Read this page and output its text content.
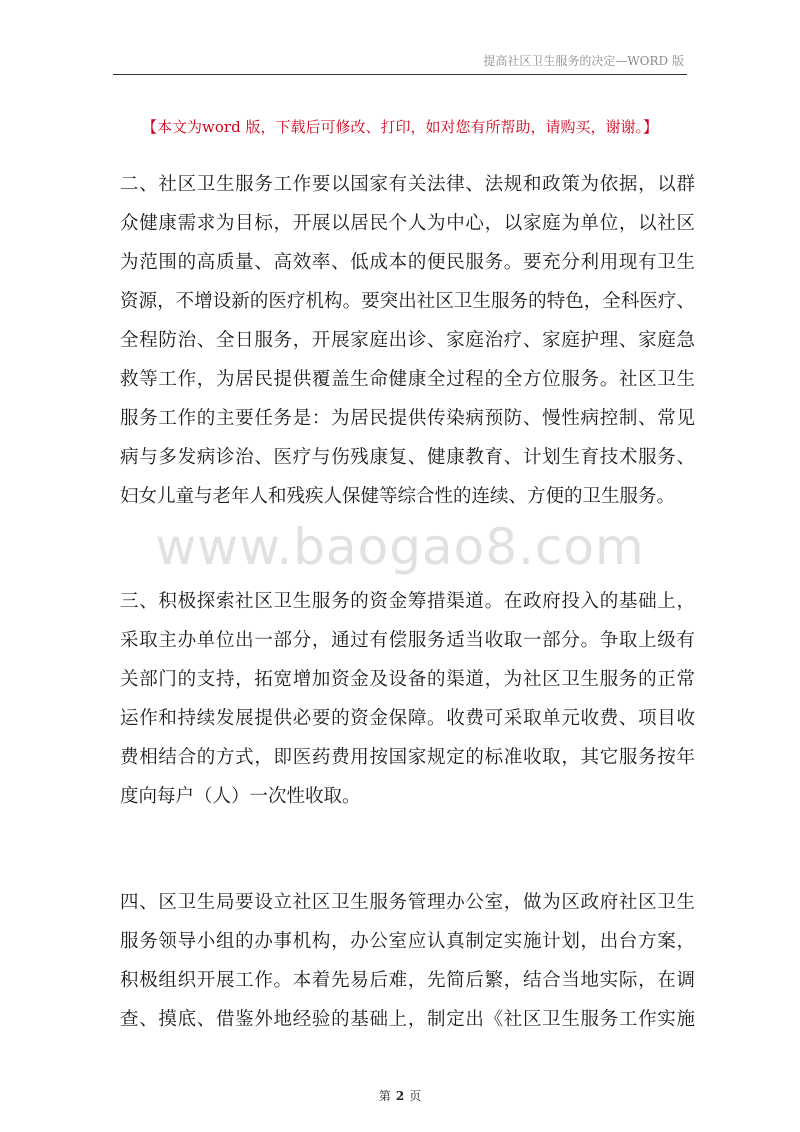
提高社区卫生服务的决定—WORD 版
【本文为word 版，下载后可修改、打印，如对您有所帮助，请购买，谢谢。】
二、社区卫生服务工作要以国家有关法律、法规和政策为依据，以群
众健康需求为目标，开展以居民个人为中心，以家庭为单位，以社区
为范围的高质量、高效率、低成本的便民服务。要充分利用现有卫生
资源，不增设新的医疗机构。要突出社区卫生服务的特色，全科医疗、
全程防治、全日服务，开展家庭出诊、家庭治疗、家庭护理、家庭急
救等工作，为居民提供覆盖生命健康全过程的全方位服务。社区卫生
服务工作的主要任务是：为居民提供传染病预防、慢性病控制、常见
病与多发病诊治、医疗与伤残康复、健康教育、计划生育技术服务、
妇女儿童与老年人和残疾人保健等综合性的连续、方便的卫生服务。
www.baogao8.com
三、积极探索社区卫生服务的资金筹措渠道。在政府投入的基础上，
采取主办单位出一部分，通过有偿服务适当收取一部分。争取上级有
关部门的支持，拓宽增加资金及设备的渠道，为社区卫生服务的正常
运作和持续发展提供必要的资金保障。收费可采取单元收费、项目收
费相结合的方式，即医药费用按国家规定的标准收取，其它服务按年
度向每户（人）一次性收取。
四、区卫生局要设立社区卫生服务管理办公室，做为区政府社区卫生
服务领导小组的办事机构，办公室应认真制定实施计划，出台方案，
积极组织开展工作。本着先易后难，先简后繁，结合当地实际，在调
查、摸底、借鉴外地经验的基础上，制定出《社区卫生服务工作实施
第 2 页
